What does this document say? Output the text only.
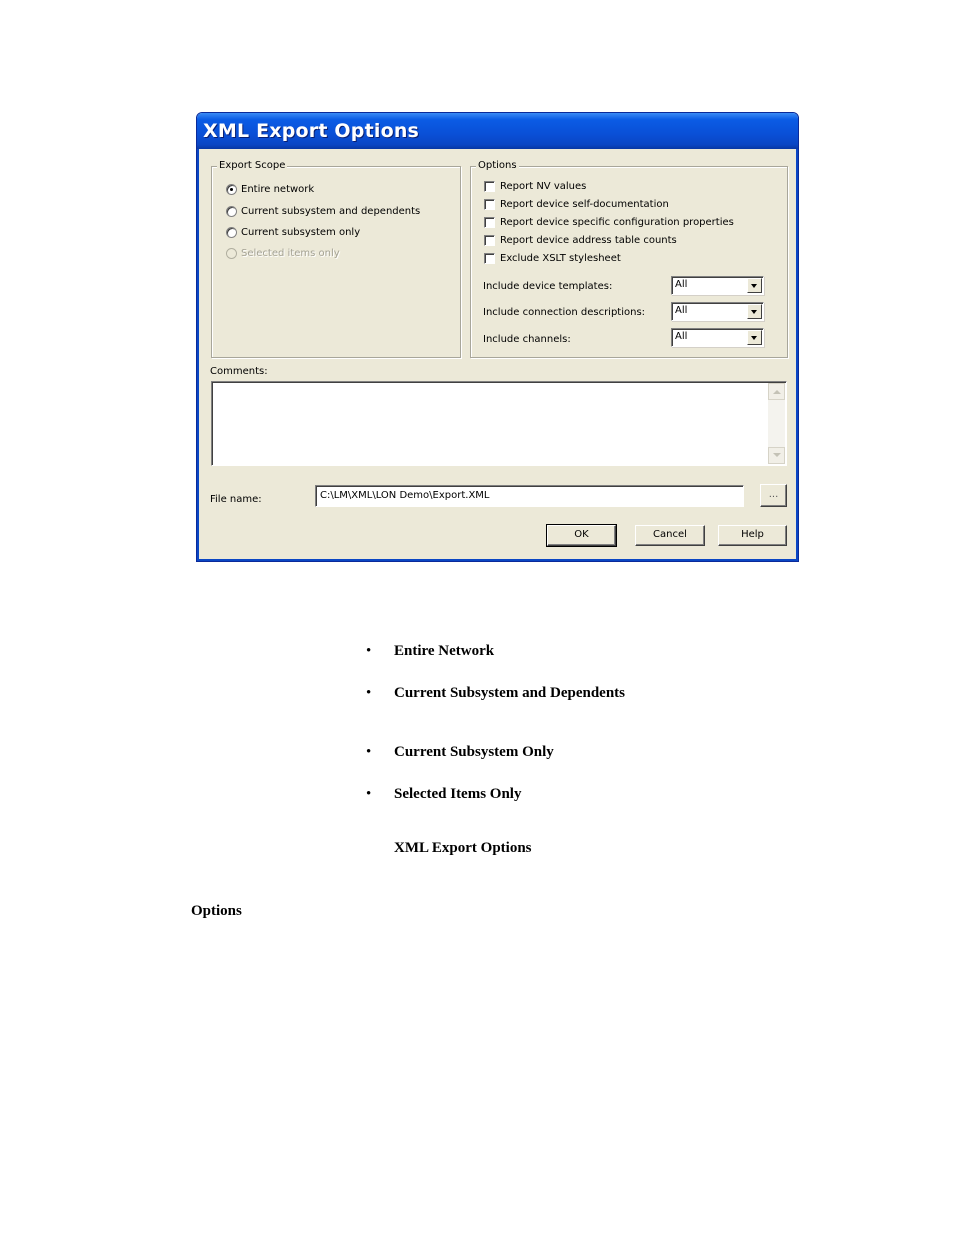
XML Export Options
Export Scope
Entire network
Current subsystem and dependents
Current subsystem only
Selected items only
Options
Report NV values
Report device self-documentation
Report device specific configuration properties
Report device address table counts
Exclude XSLT stylesheet
Include device templates:	All
Include connection descriptions:	All
Include channels:	All
Comments:
File name:	C:\LM\XML\LON Demo\Export.XML	...
OK	Cancel	Help
• Entire Network
• Current Subsystem and Dependents
• Current Subsystem Only
• Selected Items Only
XML Export Options
Options
